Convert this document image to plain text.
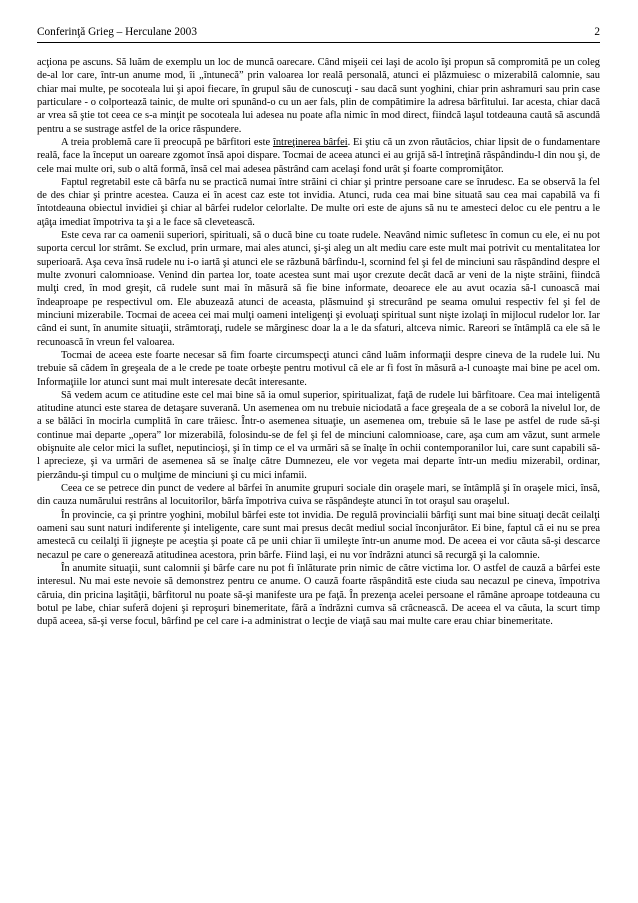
Conferinţă Grieg – Herculane 2003	2

acţiona pe ascuns. Să luăm de exemplu un loc de muncă oarecare. Când mişeii cei laşi de acolo îşi propun să compromită pe un coleg de-al lor care, într-un anume mod, îi „întunecă” prin valoarea lor reală personală, atunci ei plăzmuiesc o mizerabilă calomnie, sau chiar mai multe, pe socoteala lui şi apoi fiecare, în grupul său de cunoscuţi - sau dacă sunt yoghini, chiar prin ashramuri sau prin case particulare - o colportează tainic, de multe ori spunând-o cu un aer fals, plin de compătimire la adresa bârfitului. Iar acesta, chiar dacă ar vrea să ştie tot ceea ce s-a minţit pe socoteala lui adesea nu poate afla nimic în mod direct, fiindcă laşul totdeauna caută să ascundă pentru a se sustrage astfel de la orice răspundere.

A treia problemă care îi preocupă pe bârfitori este întreţinerea bârfei. Ei ştiu că un zvon răutăcios, chiar lipsit de o fundamentare reală, face la început un oareare zgomot însă apoi dispare. Tocmai de aceea atunci ei au grijă să-l întreţină răspândindu-l din nou şi, de cele mai multe ori, sub o altă formă, însă cel mai adesea păstrând cam acelaşi fond urât şi foarte compromiţător.

Faptul regretabil este că bârfa nu se practică numai între străini ci chiar şi printre persoane care se înrudesc. Ea se observă la fel de des chiar şi printre acestea. Cauza ei în acest caz este tot invidia. Atunci, ruda cea mai bine situată sau cea mai capabilă va fi întotdeauna obiectul invidiei şi chiar al bârfei rudelor celorlalte. De multe ori este de ajuns să nu te amesteci deloc cu ele pentru a le aţâţa imediat împotriva ta şi a le face să clevetească.

Este ceva rar ca oamenii superiori, spirituali, să o ducă bine cu toate rudele. Neavând nimic sufletesc în comun cu ele, ei nu pot suporta cercul lor strâmt. Se exclud, prin urmare, mai ales atunci, şi-şi aleg un alt mediu care este mult mai potrivit cu mentalitatea lor superioară. Aşa ceva însă rudele nu i-o iartă şi atunci ele se răzbună bârfindu-l, scornind fel şi fel de minciuni sau răspândind despre el multe zvonuri calomnioase. Venind din partea lor, toate acestea sunt mai uşor crezute decât dacă ar veni de la nişte străini, fiindcă mulţi cred, în mod greşit, că rudele sunt mai în măsură să fie bine informate, deoarece ele au avut ocazia să-l cunoască mai îndeaproape pe respectivul om. Ele abuzează atunci de aceasta, plăsmuind şi strecurând pe seama omului respectiv fel şi fel de minciuni mizerabile. Tocmai de aceea cei mai mulţi oameni inteligenţi şi evoluaţi spiritual sunt nişte izolaţi în mijlocul rudelor lor. Iar când ei sunt, în anumite situaţii, strâmtoraţi, rudele se mărginesc doar la a le da sfaturi, altceva nimic. Rareori se întâmplă ca ele să le recunoască în vreun fel valoarea.

Tocmai de aceea este foarte necesar să fim foarte circumspecţi atunci când luăm informaţii despre cineva de la rudele lui. Nu trebuie să cădem în greşeala de a le crede pe toate orbeşte pentru motivul că ele ar fi fost în măsură a-l cunoaşte mai bine pe acel om. Informaţiile lor atunci sunt mai mult interesate decât interesante.

Să vedem acum ce atitudine este cel mai bine să ia omul superior, spiritualizat, faţă de rudele lui bârfitoare. Cea mai inteligentă atitudine atunci este starea de detaşare suverană. Un asemenea om nu trebuie niciodată a face greşeala de a se coborâ la nivelul lor, de a se bălăci în mocirla cumplită în care trăiesc. Într-o asemenea situaţie, un asemenea om, trebuie să le lase pe astfel de rude să-şi continue mai departe „opera” lor mizerabilă, folosindu-se de fel şi fel de minciuni calomnioase, care, aşa cum am văzut, sunt armele obişnuite ale celor mici la suflet, neputincioşi, şi în timp ce el va urmări să se înalţe în ochii contemporanilor lui, care sunt capabili să-l aprecieze, şi va urmări de asemenea să se înalţe către Dumnezeu, ele vor vegeta mai departe într-un mediu mizerabil, ordinar, pierzându-şi timpul cu o mulţime de minciuni şi cu mici infamii.

Ceea ce se petrece din punct de vedere al bârfei în anumite grupuri sociale din oraşele mari, se întâmplă şi în oraşele mici, însă, din cauza numărului restrâns al locuitorilor, bârfa împotriva cuiva se răspândeşte atunci în tot oraşul sau oraşelul.

În provincie, ca şi printre yoghini, mobilul bârfei este tot invidia. De regulă provincialii bârfiţi sunt mai bine situaţi decât ceilalţi oameni sau sunt naturi indiferente şi inteligente, care sunt mai presus decât mediul social înconjurător. Ei bine, faptul că ei nu se prea amestecă cu ceilalţi îi jigneşte pe aceştia şi poate că pe unii chiar îi umileşte într-un anume mod. De aceea ei vor căuta să-şi descarce necazul pe care o generează atitudinea acestora, prin bârfe. Fiind laşi, ei nu vor îndrăzni atunci să recurgă şi la calomnie.

În anumite situaţii, sunt calomnii şi bârfe care nu pot fi înlăturate prin nimic de către victima lor. O astfel de cauză a bârfei este interesul. Nu mai este nevoie să demonstrez pentru ce anume. O cauză foarte răspândită este ciuda sau necazul pe cineva, împotriva căruia, din pricina laşităţii, bârfitorul nu poate să-şi manifeste ura pe faţă. În prezenţa acelei persoane el rămâne aproape totdeauna cu botul pe labe, chiar suferă dojeni şi reproşuri binemeritate, fără a îndrăzni cumva să crâcnească. De aceea el va căuta, la scurt timp după aceea, să-şi verse focul, bârfind pe cel care i-a administrat o lecţie de viaţă sau mai multe care erau chiar binemeritate.
